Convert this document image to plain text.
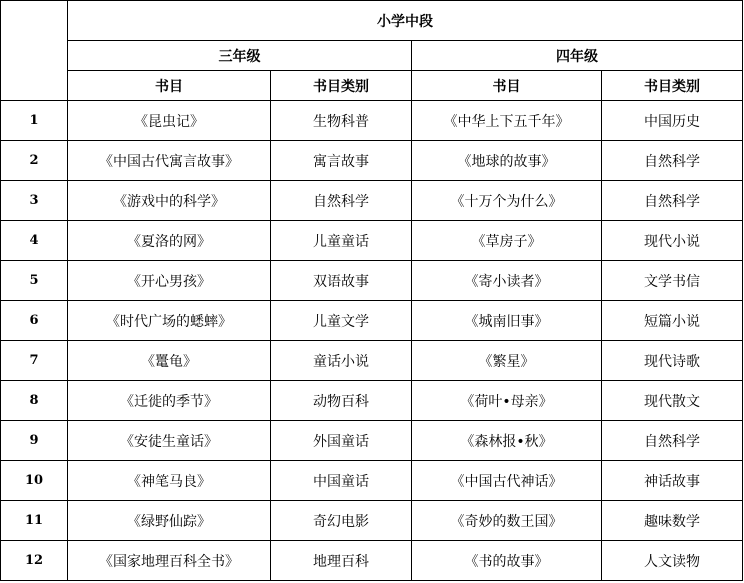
	小学中段			
	三年级		四年级	
	书目	书目类别	书目	书目类别
1	《昆虫记》	生物科普	《中华上下五千年》	中国历史
2	《中国古代寓言故事》	寓言故事	《地球的故事》	自然科学
3	《游戏中的科学》	自然科学	《十万个为什么》	自然科学
4	《夏洛的网》	儿童童话	《草房子》	现代小说
5	《开心男孩》	双语故事	《寄小读者》	文学书信
6	《时代广场的蟋蟀》	儿童文学	《城南旧事》	短篇小说
7	《鼍龟》	童话小说	《繁星》	现代诗歌
8	《迁徙的季节》	动物百科	《荷叶•母亲》	现代散文
9	《安徒生童话》	外国童话	《森林报•秋》	自然科学
10	《神笔马良》	中国童话	《中国古代神话》	神话故事
11	《绿野仙踪》	奇幻电影	《奇妙的数王国》	趣味数学
12	《国家地理百科全书》	地理百科	《书的故事》	人文读物
